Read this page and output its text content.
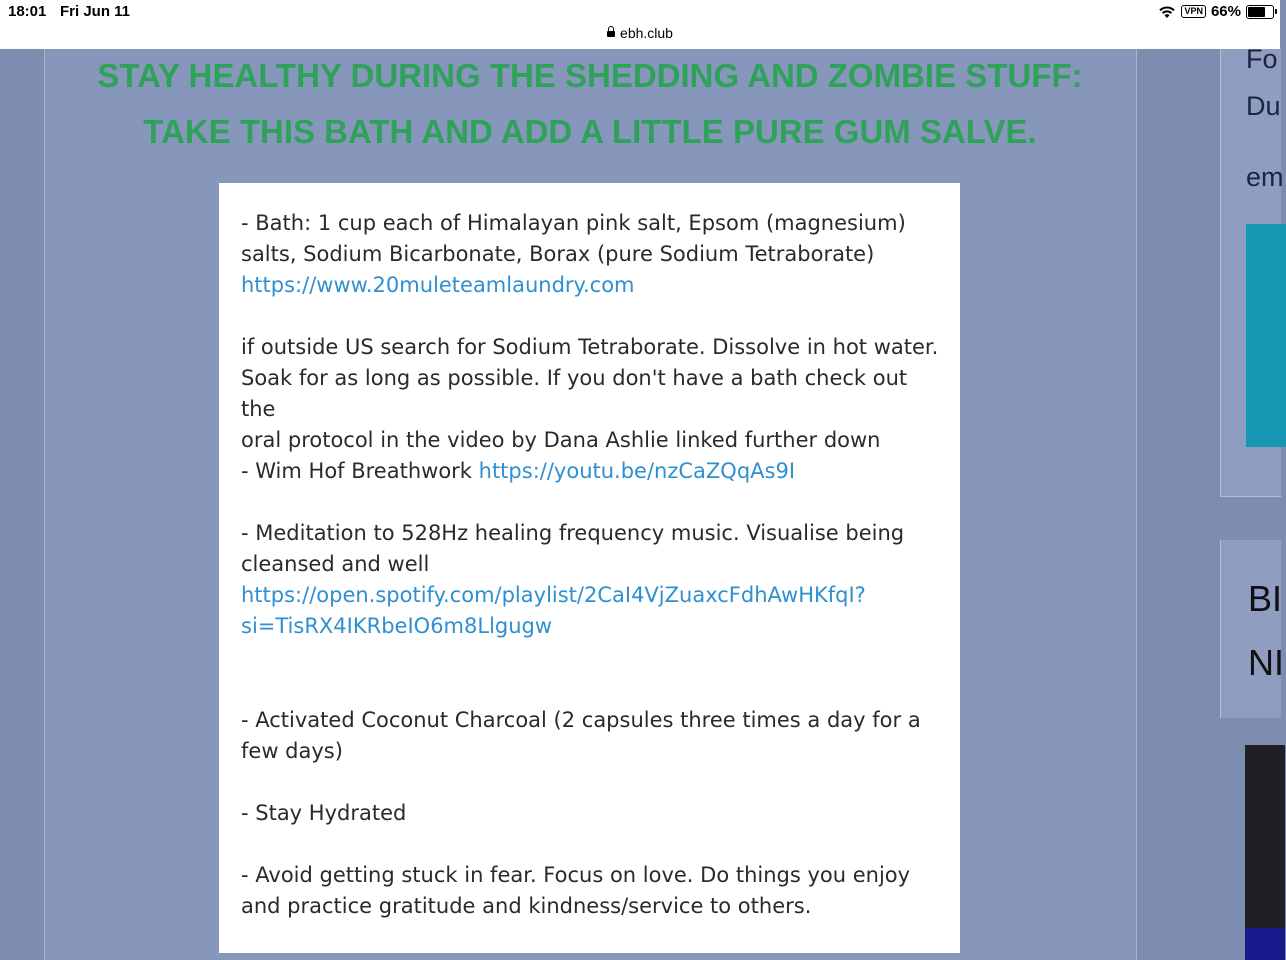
18:01 Fri Jun 11
ebh.club
VPN 66%
STAY HEALTHY DURING THE SHEDDING AND ZOMBIE STUFF:
TAKE THIS BATH AND ADD A LITTLE PURE GUM SALVE.

- Bath: 1 cup each of Himalayan pink salt, Epsom (magnesium)
salts, Sodium Bicarbonate, Borax (pure Sodium Tetraborate)

https://www.20muleteamlaundry.com

if outside US search for Sodium Tetraborate. Dissolve in hot water.
Soak for as long as possible. If you don't have a bath check out the
oral protocol in the video by Dana Ashlie linked further down

- Wim Hof Breathwork https://youtu.be/nzCaZQqAs9I

- Meditation to 528Hz healing frequency music. Visualise being
cleansed and well

https://open.spotify.com/playlist/2CaI4VjZuaxcFdhAwHKfqI?
si=TisRX4IKRbeIO6m8Llgugw

- Activated Coconut Charcoal (2 capsules three times a day for a
few days)

- Stay Hydrated

- Avoid getting stuck in fear. Focus on love. Do things you enjoy
and practice gratitude and kindness/service to others.

Fo
Du
em
BI
NI
